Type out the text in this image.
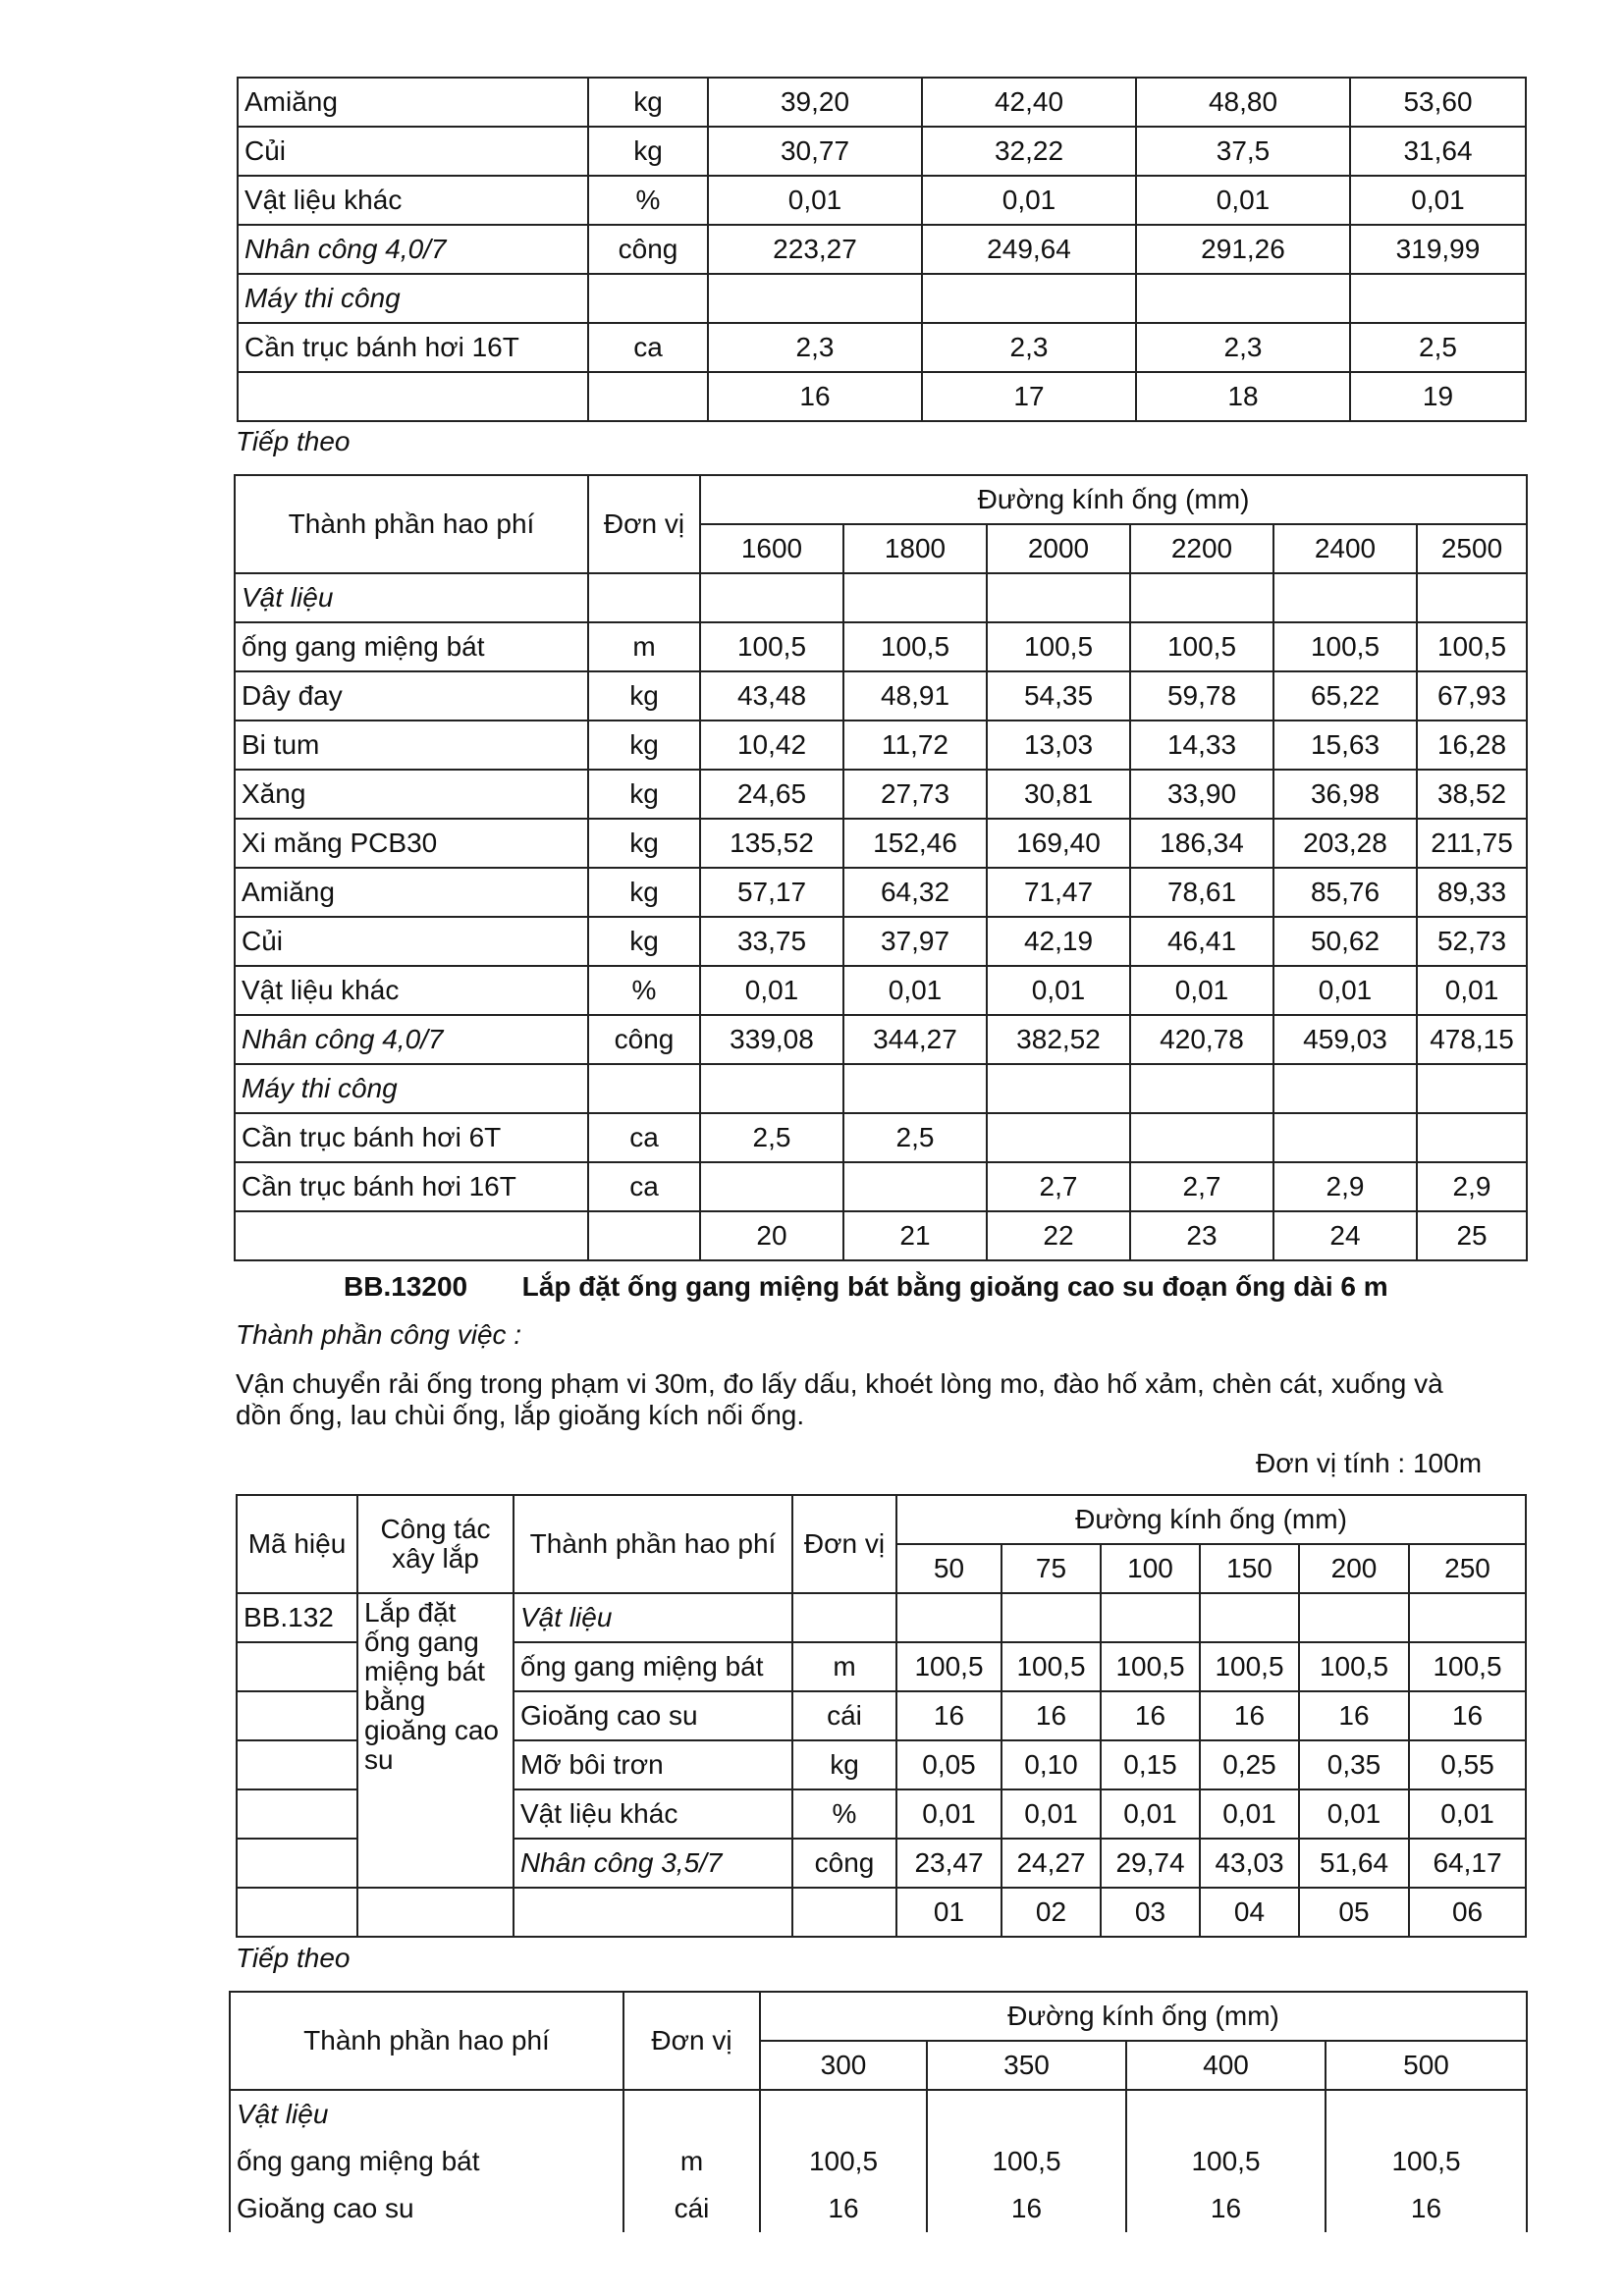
Amiăng	kg	39,20	42,40	48,80	53,60
Củi	kg	30,77	32,22	37,5	31,64
Vật liệu khác	%	0,01	0,01	0,01	0,01
Nhân công 4,0/7	công	223,27	249,64	291,26	319,99
Máy thi công					
Cần trục bánh hơi 16T	ca	2,3	2,3	2,3	2,5
		16	17	18	19
Tiếp theo
Thành phần hao phí	Đơn vị	Đường kính ống (mm)					
		1600	1800	2000	2200	2400	2500
Vật liệu							
ống gang miệng bát	m	100,5	100,5	100,5	100,5	100,5	100,5
Dây đay	kg	43,48	48,91	54,35	59,78	65,22	67,93
Bi tum	kg	10,42	11,72	13,03	14,33	15,63	16,28
Xăng	kg	24,65	27,73	30,81	33,90	36,98	38,52
Xi măng PCB30	kg	135,52	152,46	169,40	186,34	203,28	211,75
Amiăng	kg	57,17	64,32	71,47	78,61	85,76	89,33
Củi	kg	33,75	37,97	42,19	46,41	50,62	52,73
Vật liệu khác	%	0,01	0,01	0,01	0,01	0,01	0,01
Nhân công 4,0/7	công	339,08	344,27	382,52	420,78	459,03	478,15
Máy thi công							
Cần trục bánh hơi 6T	ca	2,5	2,5				
Cần trục bánh hơi 16T	ca			2,7	2,7	2,9	2,9
		20	21	22	23	24	25
BB.13200 Lắp đặt ống gang miệng bát bằng gioăng cao su đoạn ống dài 6 m
Thành phần công việc :
Vận chuyển rải ống trong phạm vi 30m, đo lấy dấu, khoét lòng mo, đào hố xảm, chèn cát, xuống và
dồn ống, lau chùi ống, lắp gioăng kích nối ống.
Đơn vị tính : 100m
Mã hiệu	Công tác xây lắp	Thành phần hao phí	Đơn vị	Đường kính ống (mm)					
				50	75	100	150	200	250
BB.132	Lắp đặt ống gang miệng bát bằng gioăng cao su	Vật liệu							
		ống gang miệng bát	m	100,5	100,5	100,5	100,5	100,5	100,5
		Gioăng cao su	cái	16	16	16	16	16	16
		Mỡ bôi trơn	kg	0,05	0,10	0,15	0,25	0,35	0,55
		Vật liệu khác	%	0,01	0,01	0,01	0,01	0,01	0,01
		Nhân công 3,5/7	công	23,47	24,27	29,74	43,03	51,64	64,17
				01	02	03	04	05	06
Tiếp theo
Thành phần hao phí	Đơn vị	Đường kính ống (mm)			
		300	350	400	500
Vật liệu					
ống gang miệng bát	m	100,5	100,5	100,5	100,5
Gioăng cao su	cái	16	16	16	16
